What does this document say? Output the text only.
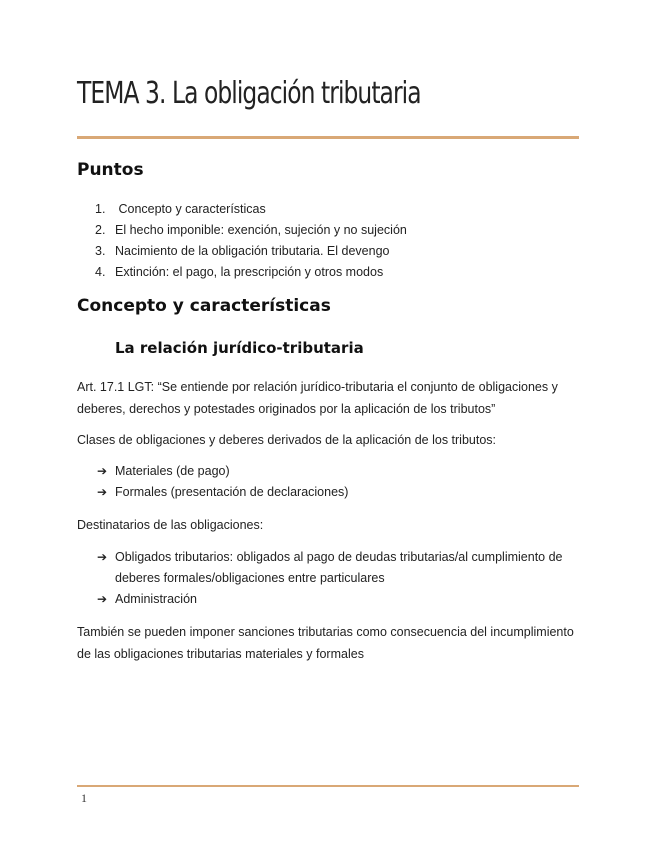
TEMA 3. La obligación tributaria
Puntos
1. Concepto y características
2. El hecho imponible: exención, sujeción y no sujeción
3. Nacimiento de la obligación tributaria. El devengo
4. Extinción: el pago, la prescripción y otros modos
Concepto y características
La relación jurídico-tributaria
Art. 17.1 LGT: “Se entiende por relación jurídico-tributaria el conjunto de obligaciones y deberes, derechos y potestades originados por la aplicación de los tributos”
Clases de obligaciones y deberes derivados de la aplicación de los tributos:
➔ Materiales (de pago)
➔ Formales (presentación de declaraciones)
Destinatarios de las obligaciones:
➔ Obligados tributarios: obligados al pago de deudas tributarias/al cumplimiento de deberes formales/obligaciones entre particulares
➔ Administración
También se pueden imponer sanciones tributarias como consecuencia del incumplimiento de las obligaciones tributarias materiales y formales
1
